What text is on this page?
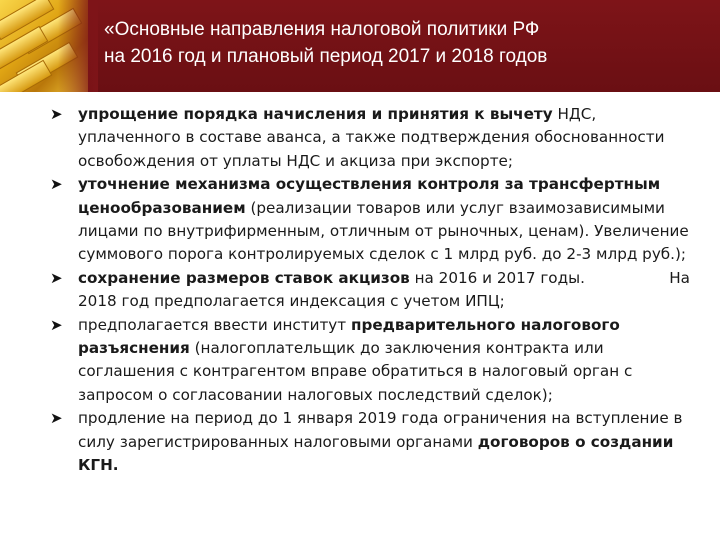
«Основные направления налоговой политики РФ
на 2016 год и плановый период 2017 и 2018 годов
➤	упрощение порядка начисления и принятия к вычету НДС, уплаченного в составе аванса, а также подтверждения обоснованности освобождения от уплаты НДС и акциза при экспорте;
➤	уточнение механизма осуществления контроля за трансфертным ценообразованием (реализации товаров или услуг взаимозависимыми лицами по внутрифирменным, отличным от рыночных, ценам). Увеличение суммового порога контролируемых сделок с 1 млрд руб. до 2-3 млрд руб.);
➤	На
сохранение размеров ставок акцизов на 2016 и 2017 годы.
2018 год предполагается индексация с учетом ИПЦ;
➤	предполагается ввести институт предварительного налогового разъяснения (налогоплательщик до заключения контракта или соглашения с контрагентом вправе обратиться в налоговый орган с запросом о согласовании налоговых последствий сделок);
➤	продление на период до 1 января 2019 года ограничения на вступление в силу зарегистрированных налоговыми органами договоров о создании КГН.
